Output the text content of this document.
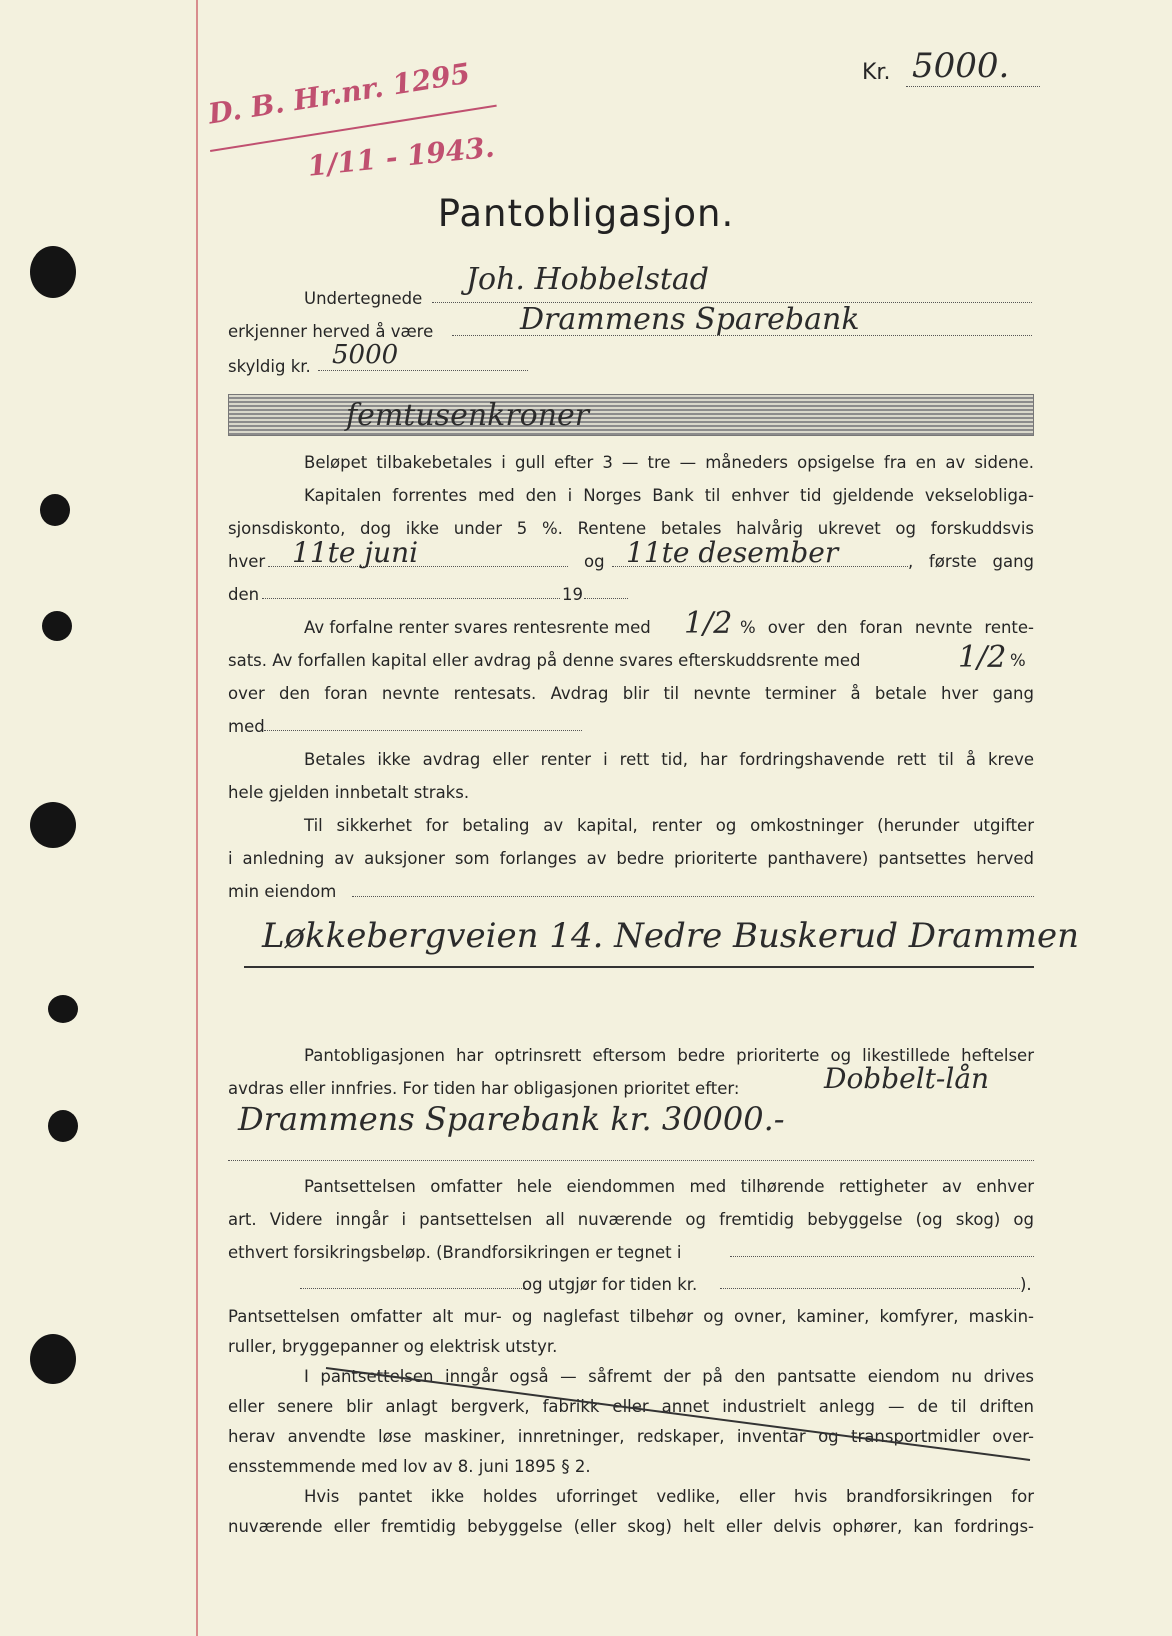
D. B. Hr.nr. 1295
1/11 - 1943.
Kr. 5000.
Pantobligasjon.
Undertegnede
Joh. Hobbelstad
erkjenner herved å være	Drammens Sparebank
skyldig kr. 5000
femtusenkroner
Beløpet tilbakebetales i gull efter 3 — tre — måneders opsigelse fra en av sidene.
Kapitalen forrentes med den i Norges Bank til enhver tid gjeldende vekselobliga-
sjonsdiskonto, dog ikke under 5 %. Rentene betales halvårig ukrevet og forskuddsvis
hver	og	, første gang
11te juni	11te desember
den	19
Av forfalne renter svares rentesrente med	1/2 % over den foran nevnte rente-
sats. Av forfallen kapital eller avdrag på denne svares efterskuddsrente med	1/2 %
over den foran nevnte rentesats. Avdrag blir til nevnte terminer å betale hver gang
med
Betales ikke avdrag eller renter i rett tid, har fordringshavende rett til å kreve
hele gjelden innbetalt straks.
Til sikkerhet for betaling av kapital, renter og omkostninger (herunder utgifter
i anledning av auksjoner som forlanges av bedre prioriterte panthavere) pantsettes herved
min eiendom
Løkkebergveien 14. Nedre Buskerud Drammen
Pantobligasjonen har optrinsrett eftersom bedre prioriterte og likestillede heftelser
avdras eller innfries. For tiden har obligasjonen prioritet efter:	Dobbelt-lån
Drammens Sparebank kr. 30000.-
Pantsettelsen omfatter hele eiendommen med tilhørende rettigheter av enhver
art. Videre inngår i pantsettelsen all nuværende og fremtidig bebyggelse (og skog) og
ethvert forsikringsbeløp. (Brandforsikringen er tegnet i
og utgjør for tiden kr.	).
Pantsettelsen omfatter alt mur- og naglefast tilbehør og ovner, kaminer, komfyrer, maskin-
ruller, bryggepanner og elektrisk utstyr.
I pantsettelsen inngår også — såfremt der på den pantsatte eiendom nu drives
eller senere blir anlagt bergverk, fabrikk eller annet industrielt anlegg — de til driften
herav anvendte løse maskiner, innretninger, redskaper, inventar og transportmidler over-
ensstemmende med lov av 8. juni 1895 § 2.
Hvis pantet ikke holdes uforringet vedlike, eller hvis brandforsikringen for
nuværende eller fremtidig bebyggelse (eller skog) helt eller delvis ophører, kan fordrings-
